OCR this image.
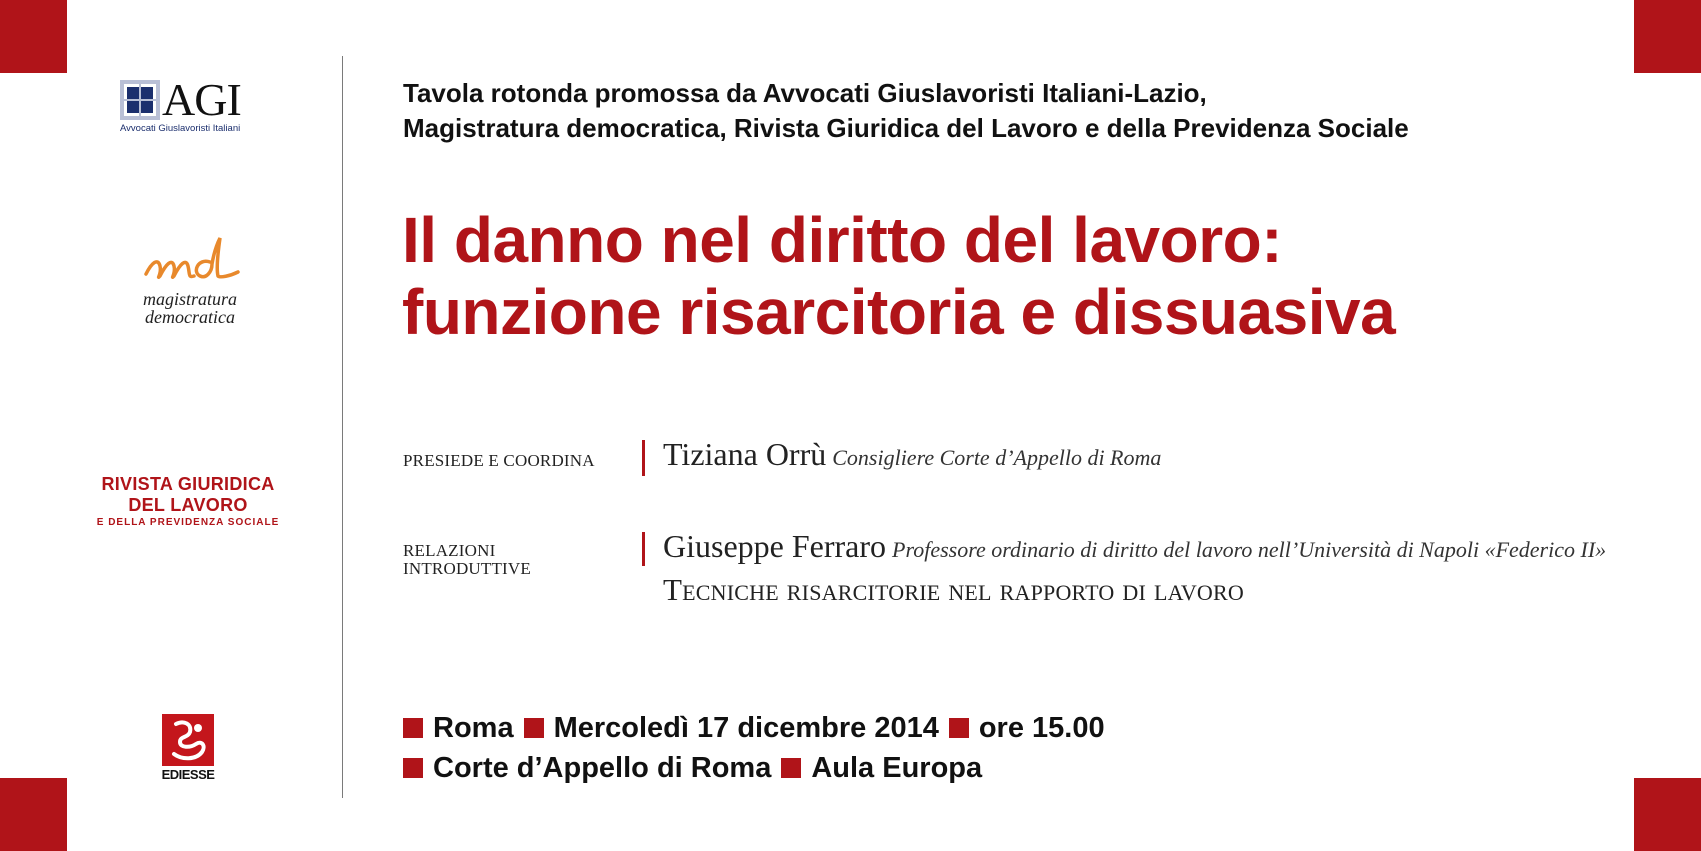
AGI
Avvocati Giuslavoristi Italiani
magistratura
democratica
RIVISTA GIURIDICA
DEL LAVORO
E DELLA PREVIDENZA SOCIALE
EDIESSE
Tavola rotonda promossa da Avvocati Giuslavoristi Italiani-Lazio,
Magistratura democratica, Rivista Giuridica del Lavoro e della Previdenza Sociale
Il danno nel diritto del lavoro:
funzione risarcitoria e dissuasiva
PRESIEDE E COORDINA Tiziana Orrù Consigliere Corte d’Appello di Roma
RELAZIONI
INTRODUTTIVE
Giuseppe Ferraro Professore ordinario di diritto del lavoro nell’Università di Napoli «Federico II»
Tecniche risarcitorie nel rapporto di lavoro
Roma Mercoledì 17 dicembre 2014 ore 15.00
Corte d’Appello di Roma Aula Europa
